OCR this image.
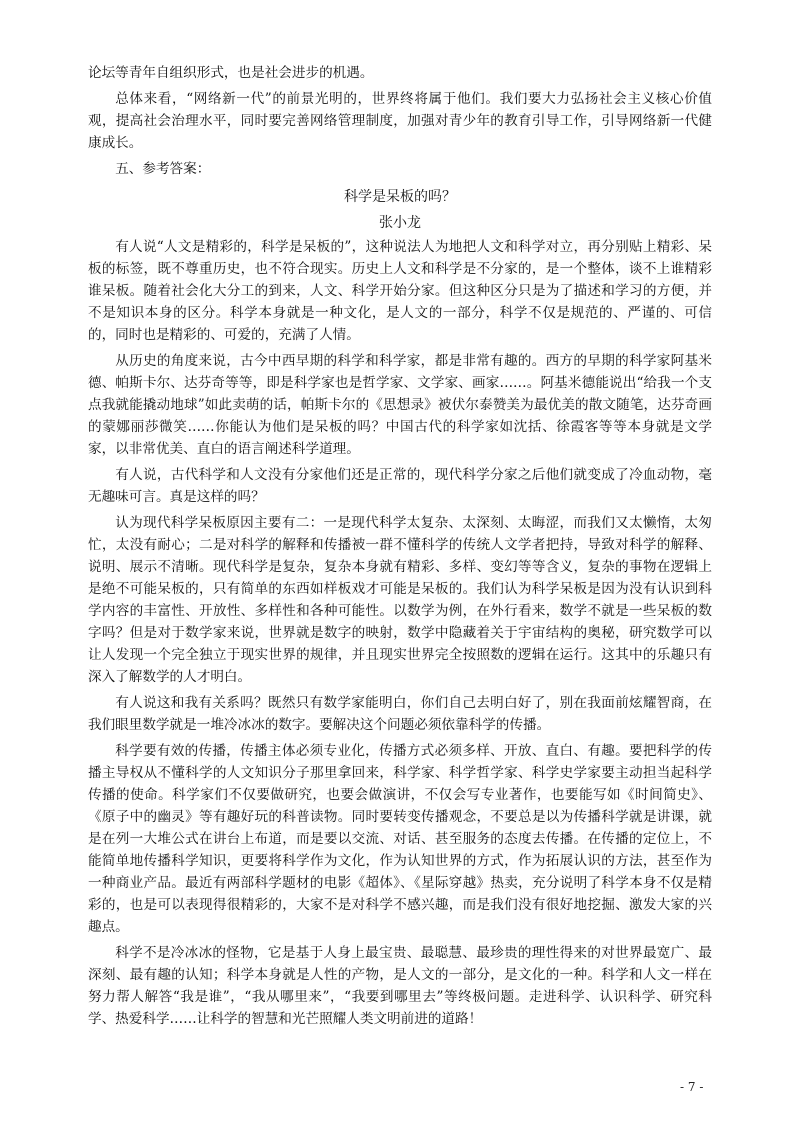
论坛等青年自组织形式，也是社会进步的机遇。

总体来看，“网络新一代”的前景光明的，世界终将属于他们。我们要大力弘扬社会主义核心价值观，提高社会治理水平，同时要完善网络管理制度，加强对青少年的教育引导工作，引导网络新一代健康成长。

五、参考答案：

科学是呆板的吗？

张小龙

有人说“人文是精彩的，科学是呆板的”，这种说法人为地把人文和科学对立，再分别贴上精彩、呆板的标签，既不尊重历史，也不符合现实。历史上人文和科学是不分家的，是一个整体，谈不上谁精彩谁呆板。随着社会化大分工的到来，人文、科学开始分家。但这种区分只是为了描述和学习的方便，并不是知识本身的区分。科学本身就是一种文化，是人文的一部分，科学不仅是规范的、严谨的、可信的，同时也是精彩的、可爱的，充满了人情。

从历史的角度来说，古今中西早期的科学和科学家，都是非常有趣的。西方的早期的科学家阿基米德、帕斯卡尔、达芬奇等等，即是科学家也是哲学家、文学家、画家……。阿基米德能说出“给我一个支点我就能撬动地球”如此卖萌的话，帕斯卡尔的《思想录》被伏尔泰赞美为最优美的散文随笔，达芬奇画的蒙娜丽莎微笑……你能认为他们是呆板的吗？中国古代的科学家如沈括、徐霞客等等本身就是文学家，以非常优美、直白的语言阐述科学道理。

有人说，古代科学和人文没有分家他们还是正常的，现代科学分家之后他们就变成了冷血动物，毫无趣味可言。真是这样的吗？

认为现代科学呆板原因主要有二：一是现代科学太复杂、太深刻、太晦涩，而我们又太懒惰，太匆忙，太没有耐心；二是对科学的解释和传播被一群不懂科学的传统人文学者把持，导致对科学的解释、说明、展示不清晰。现代科学是复杂，复杂本身就有精彩、多样、变幻等等含义，复杂的事物在逻辑上是绝不可能呆板的，只有简单的东西如样板戏才可能是呆板的。我们认为科学呆板是因为没有认识到科学内容的丰富性、开放性、多样性和各种可能性。以数学为例，在外行看来，数学不就是一些呆板的数字吗？但是对于数学家来说，世界就是数字的映射，数学中隐藏着关于宇宙结构的奥秘，研究数学可以让人发现一个完全独立于现实世界的规律，并且现实世界完全按照数的逻辑在运行。这其中的乐趣只有深入了解数学的人才明白。

有人说这和我有关系吗？既然只有数学家能明白，你们自己去明白好了，别在我面前炫耀智商，在我们眼里数学就是一堆冷冰冰的数字。要解决这个问题必须依靠科学的传播。

科学要有效的传播，传播主体必须专业化，传播方式必须多样、开放、直白、有趣。要把科学的传播主导权从不懂科学的人文知识分子那里拿回来，科学家、科学哲学家、科学史学家要主动担当起科学传播的使命。科学家们不仅要做研究，也要会做演讲，不仅会写专业著作，也要能写如《时间简史》、《原子中的幽灵》等有趣好玩的科普读物。同时要转变传播观念，不要总是以为传播科学就是讲课，就是在列一大堆公式在讲台上布道，而是要以交流、对话、甚至服务的态度去传播。在传播的定位上，不能简单地传播科学知识，更要将科学作为文化，作为认知世界的方式，作为拓展认识的方法，甚至作为一种商业产品。最近有两部科学题材的电影《超体》、《星际穿越》热卖，充分说明了科学本身不仅是精彩的，也是可以表现得很精彩的，大家不是对科学不感兴趣，而是我们没有很好地挖掘、激发大家的兴趣点。

科学不是冷冰冰的怪物，它是基于人身上最宝贵、最聪慧、最珍贵的理性得来的对世界最宽广、最深刻、最有趣的认知；科学本身就是人性的产物，是人文的一部分，是文化的一种。科学和人文一样在努力帮人解答“我是谁”，“我从哪里来”，“我要到哪里去”等终极问题。走进科学、认识科学、研究科学、热爱科学……让科学的智慧和光芒照耀人类文明前进的道路！

- 7 -
